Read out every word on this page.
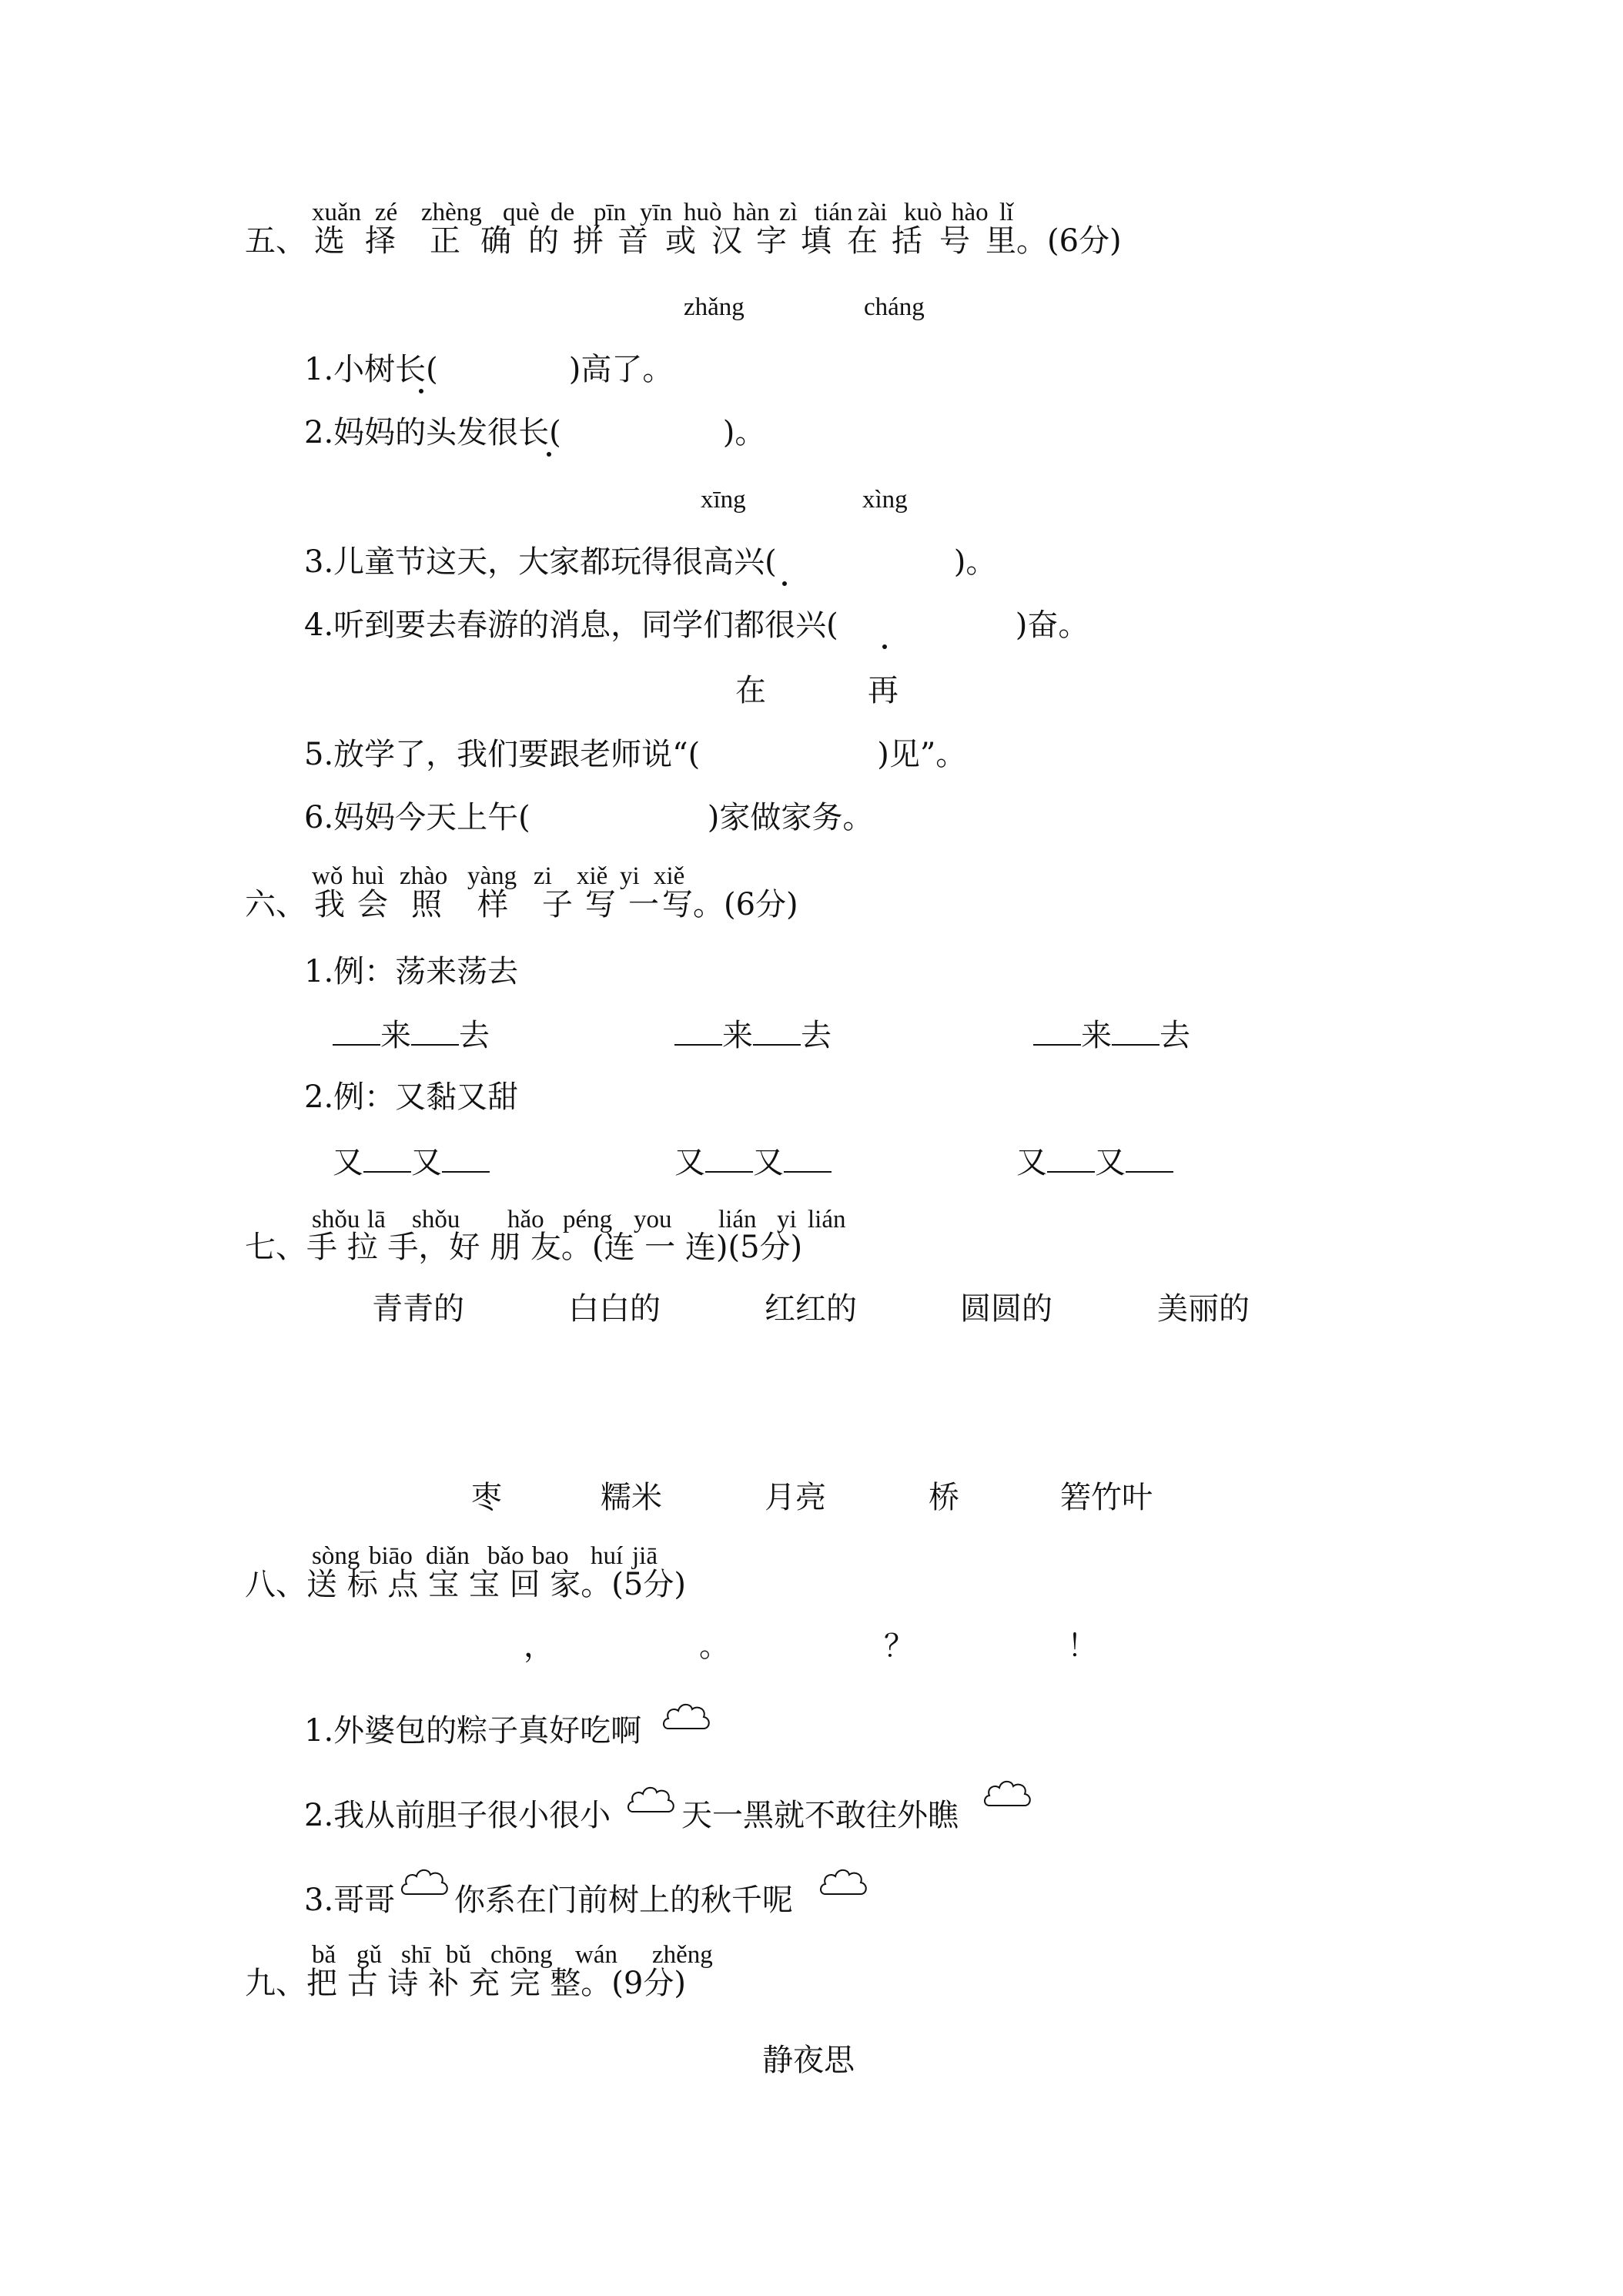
xuǎn zé zhèng què de pīn yīn huò hàn zì tián zài kuò hào lǐ
五、 选 择	正 确 的 拼 音 或 汉 字 填 在 括 号 里 。(6分)
zhǎng	cháng
1.小树长(	)高了。
2.妈妈的头发很长(	)。
xīng	xìng
3.儿童节这天，大家都玩得很高兴(	)。
4.听到要去春游的消息，同学们都很兴(	)奋。
在	再
5.放学了，我们要跟老师说“(	)见”。
6.妈妈今天上午(	)家做家务。
wǒ huì zhào yàng zi xiě yi xiě
六、 我 会 照	样	子 写 一 写 。(6分)
1.例：荡来荡去
来 去	来 去	来 去
2.例：又黏又甜
又 又	又 又	又 又
shǒu lā	shǒu	hǎo péng you	lián yi lián
七、手 拉 手，好 朋 友。(连 一 连)(5分)
青青的	白白的	红红的	圆圆的	美丽的
枣	糯米	月亮	桥	箬竹叶
sòng biāo diǎn bǎo bao huí jiā
八、送 标 点 宝 宝 回 家。(5分)
，	。	？	！
1.外婆包的粽子真好吃啊
2.我从前胆子很小很小 天一黑就不敢往外瞧
3.哥哥 你系在门前树上的秋千呢
bǎ gǔ shī bǔ chōng wán	zhěng
九、把 古 诗 补 充 完 整。(9分)
静夜思
